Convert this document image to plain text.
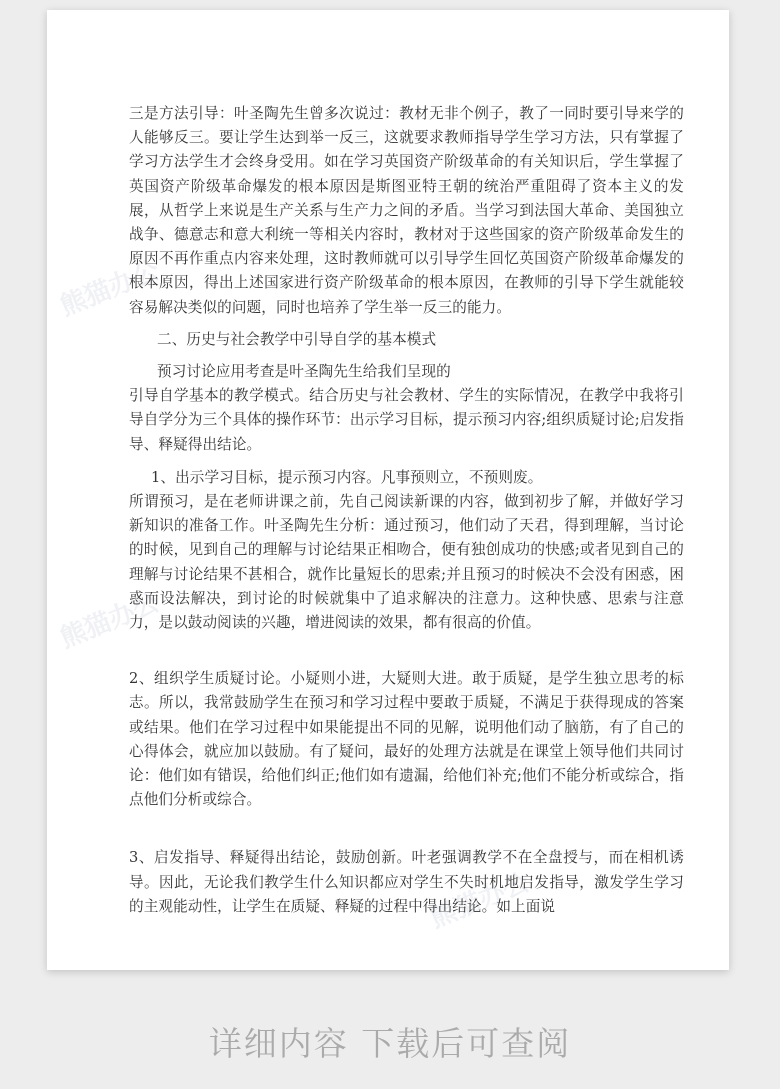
熊猫办公
熊猫办公
熊猫办公

三是方法引导：叶圣陶先生曾多次说过：教材无非个例子，教了一同时要引导来学的人能够反三。要让学生达到举一反三，这就要求教师指导学生学习方法，只有掌握了学习方法学生才会终身受用。如在学习英国资产阶级革命的有关知识后，学生掌握了英国资产阶级革命爆发的根本原因是斯图亚特王朝的统治严重阻碍了资本主义的发展，从哲学上来说是生产关系与生产力之间的矛盾。当学习到法国大革命、美国独立战争、德意志和意大利统一等相关内容时，教材对于这些国家的资产阶级革命发生的原因不再作重点内容来处理，这时教师就可以引导学生回忆英国资产阶级革命爆发的根本原因，得出上述国家进行资产阶级革命的根本原因，在教师的引导下学生就能较容易解决类似的问题，同时也培养了学生举一反三的能力。

二、历史与社会教学中引导自学的基本模式

预习讨论应用考查是叶圣陶先生给我们呈现的

引导自学基本的教学模式。结合历史与社会教材、学生的实际情况，在教学中我将引导自学分为三个具体的操作环节：出示学习目标，提示预习内容;组织质疑讨论;启发指导、释疑得出结论。

1、出示学习目标，提示预习内容。凡事预则立，不预则废。

所谓预习，是在老师讲课之前，先自己阅读新课的内容，做到初步了解，并做好学习新知识的准备工作。叶圣陶先生分析：通过预习，他们动了天君，得到理解，当讨论的时候，见到自己的理解与讨论结果正相吻合，便有独创成功的快感;或者见到自己的理解与讨论结果不甚相合，就作比量短长的思索;并且预习的时候决不会没有困惑，困惑而设法解决，到讨论的时候就集中了追求解决的注意力。这种快感、思索与注意力，是以鼓动阅读的兴趣，增进阅读的效果，都有很高的价值。

2、组织学生质疑讨论。小疑则小进，大疑则大进。敢于质疑，是学生独立思考的标志。所以，我常鼓励学生在预习和学习过程中要敢于质疑，不满足于获得现成的答案或结果。他们在学习过程中如果能提出不同的见解，说明他们动了脑筋，有了自己的心得体会，就应加以鼓励。有了疑问，最好的处理方法就是在课堂上领导他们共同讨论：他们如有错误，给他们纠正;他们如有遗漏，给他们补充;他们不能分析或综合，指点他们分析或综合。

3、启发指导、释疑得出结论，鼓励创新。叶老强调教学不在全盘授与，而在相机诱导。因此，无论我们教学生什么知识都应对学生不失时机地启发指导，激发学生学习的主观能动性，让学生在质疑、释疑的过程中得出结论。如上面说

详细内容 下载后可查阅
